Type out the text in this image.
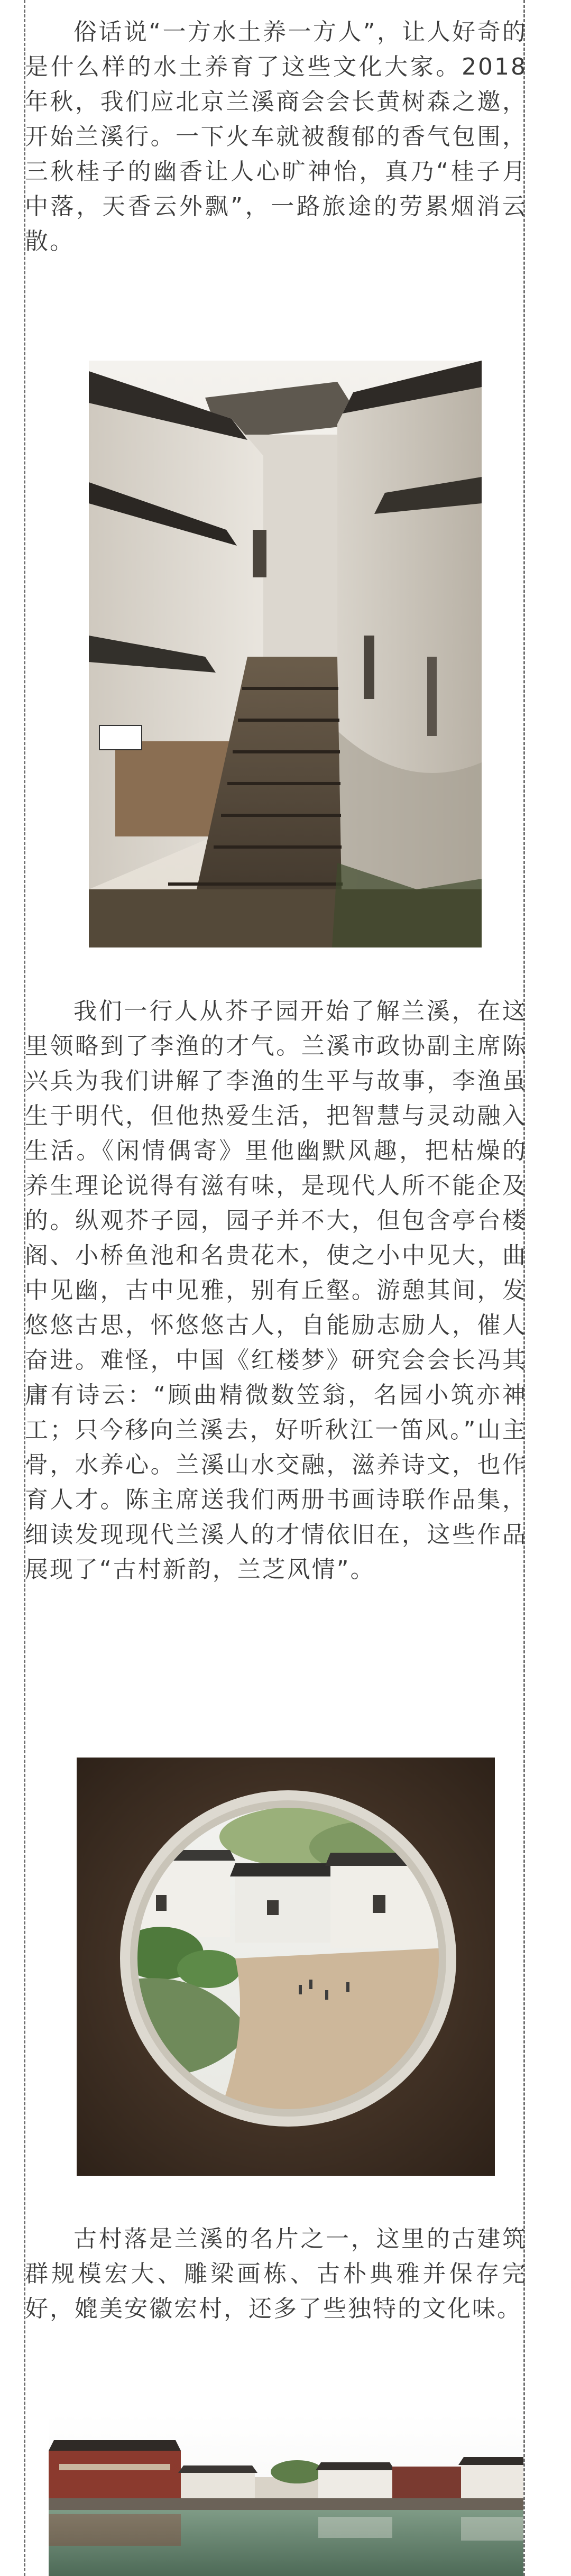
俗话说“一方水土养一方人”，让人好奇的是什么样的水土养育了这些文化大家。2018年秋，我们应北京兰溪商会会长黄树森之邀，开始兰溪行。一下火车就被馥郁的香气包围，三秋桂子的幽香让人心旷神怡，真乃“桂子月中落，天香云外飘”，一路旅途的劳累烟消云散。

我们一行人从芥子园开始了解兰溪，在这里领略到了李渔的才气。兰溪市政协副主席陈兴兵为我们讲解了李渔的生平与故事，李渔虽生于明代，但他热爱生活，把智慧与灵动融入生活。《闲情偶寄》里他幽默风趣，把枯燥的养生理论说得有滋有味，是现代人所不能企及的。纵观芥子园，园子并不大，但包含亭台楼阁、小桥鱼池和名贵花木，使之小中见大，曲中见幽，古中见雅，别有丘壑。游憩其间，发悠悠古思，怀悠悠古人，自能励志励人，催人奋进。难怪，中国《红楼梦》研究会会长冯其庸有诗云：“顾曲精微数笠翁，名园小筑亦神工；只今移向兰溪去，好听秋江一笛风。”山主骨，水养心。兰溪山水交融，滋养诗文，也作育人才。陈主席送我们两册书画诗联作品集，细读发现现代兰溪人的才情依旧在，这些作品展现了“古村新韵，兰芝风情”。

古村落是兰溪的名片之一，这里的古建筑群规模宏大、雕梁画栋、古朴典雅并保存完好，媲美安徽宏村，还多了些独特的文化味。
